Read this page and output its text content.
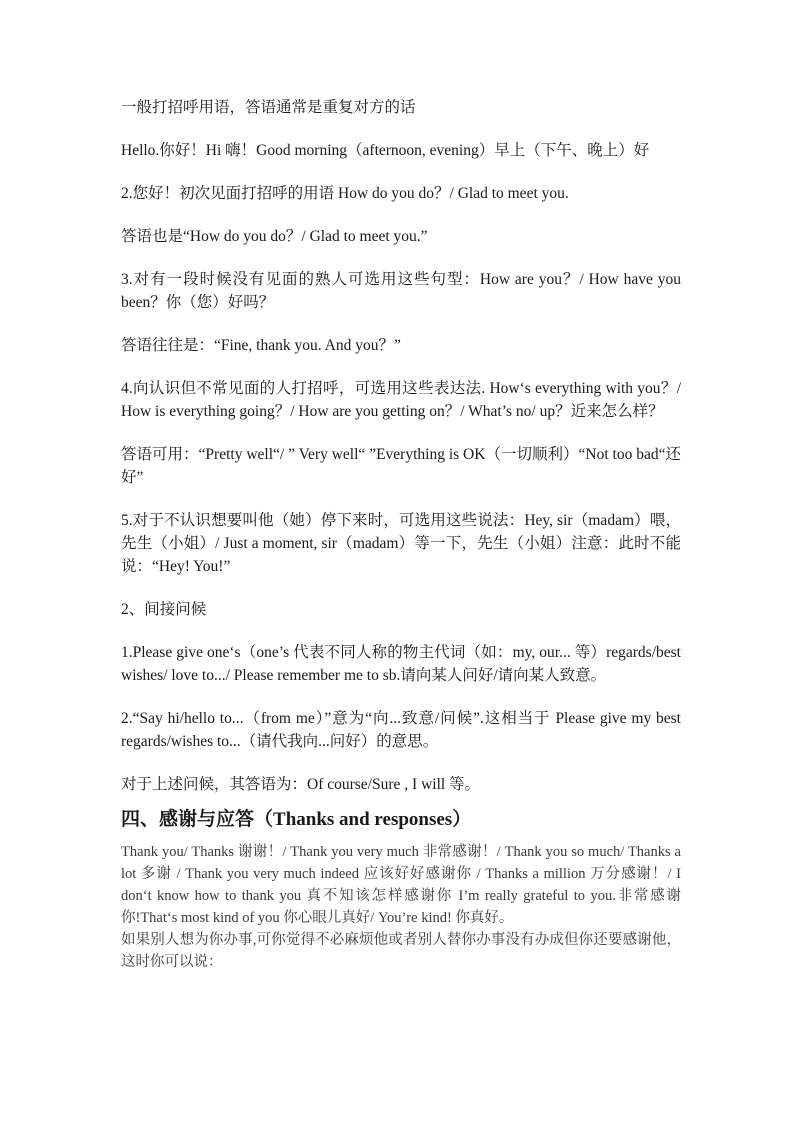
一般打招呼用语，答语通常是重复对方的话

Hello.你好！Hi 嗨！Good morning（afternoon, evening）早上（下午、晚上）好

2.您好！初次见面打招呼的用语 How do you do？/ Glad to meet you.

答语也是“How do you do？/ Glad to meet you.”

3.对有一段时候没有见面的熟人可选用这些句型：How are you？/ How have you been？你（您）好吗？

答语往往是：“Fine, thank you. And you？”

4.向认识但不常见面的人打招呼，可选用这些表达法. How‘s everything with you？/ How is everything going？/ How are you getting on？/ What’s no/ up？近来怎么样？

答语可用：“Pretty well“/ ” Very well“ ”Everything is OK（一切顺利）“Not too bad“还好”

5.对于不认识想要叫他（她）停下来时，可选用这些说法：Hey, sir（madam）喂，先生（小姐）/ Just a moment, sir（madam）等一下，先生（小姐）注意：此时不能说：“Hey! You!”

2、间接问候

1.Please give one‘s（one’s 代表不同人称的物主代词（如：my, our... 等）regards/best wishes/ love to.../ Please remember me to sb.请向某人问好/请向某人致意。

2.“Say hi/hello to...（from me）”意为“向...致意/问候”.这相当于 Please give my best regards/wishes to...（请代我向...问好）的意思。

对于上述问候，其答语为：Of course/Sure , I will 等。

四、感谢与应答（Thanks and responses）

Thank you/ Thanks 谢谢！/ Thank you very much 非常感谢！/ Thank you so much/ Thanks a lot 多谢 / Thank you very much indeed 应该好好感谢你 / Thanks a million 万分感谢！/ I don‘t know how to thank you 真不知该怎样感谢你 I’m really grateful to you.非常感谢你!That‘s most kind of you 你心眼儿真好/ You’re kind! 你真好。

如果别人想为你办事,可你觉得不必麻烦他或者别人替你办事没有办成但你还要感谢他，这时你可以说：
